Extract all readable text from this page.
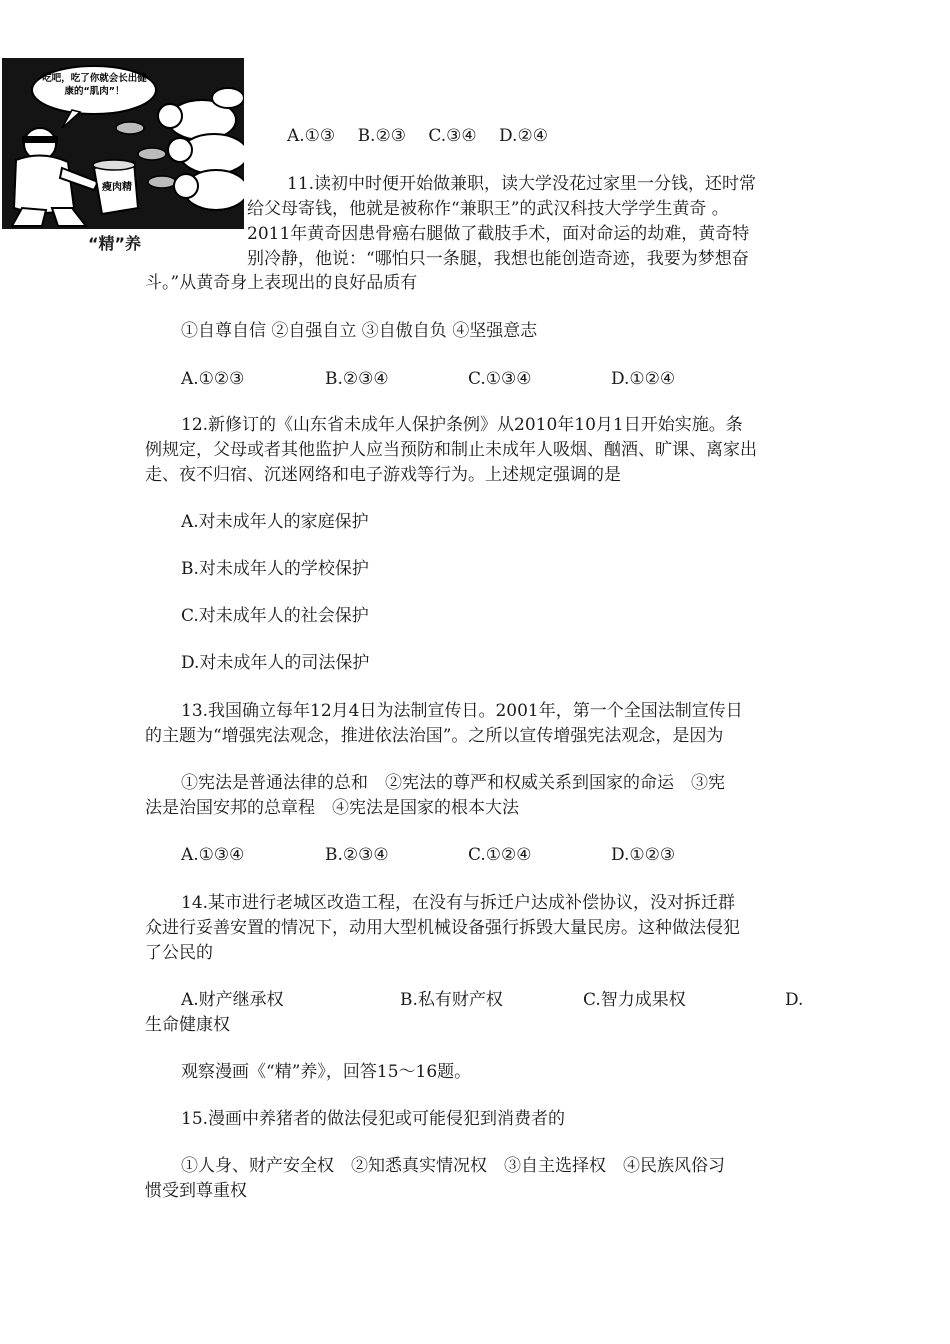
吃吧，吃了你就会长出健康的“肌肉”！
瘦肉精
“精”养
A.①③　 B.②③　 C.③④　 D.②④
11.读初中时便开始做兼职，读大学没花过家里一分钱，还时常
给父母寄钱，他就是被称作“兼职王”的武汉科技大学学生黄奇 。
2011年黄奇因患骨癌右腿做了截肢手术，面对命运的劫难，黄奇特
别冷静，他说：“哪怕只一条腿，我想也能创造奇迹，我要为梦想奋
斗。”从黄奇身上表现出的良好品质有
①自尊自信 ②自强自立 ③自傲自负 ④坚强意志
A.①②③	B.②③④	C.①③④	D.①②④
12.新修订的《山东省未成年人保护条例》从2010年10月1日开始实施。条
例规定，父母或者其他监护人应当预防和制止未成年人吸烟、酗酒、旷课、离家出
走、夜不归宿、沉迷网络和电子游戏等行为。上述规定强调的是
A.对未成年人的家庭保护
B.对未成年人的学校保护
C.对未成年人的社会保护
D.对未成年人的司法保护
13.我国确立每年12月4日为法制宣传日。2001年，第一个全国法制宣传日
的主题为“增强宪法观念，推进依法治国”。之所以宣传增强宪法观念，是因为
①宪法是普通法律的总和　②宪法的尊严和权威关系到国家的命运　③宪
法是治国安邦的总章程　④宪法是国家的根本大法
A.①③④	B.②③④	C.①②④	D.①②③
14.某市进行老城区改造工程，在没有与拆迁户达成补偿协议，没对拆迁群
众进行妥善安置的情况下，动用大型机械设备强行拆毁大量民房。这种做法侵犯
了公民的
A.财产继承权	B.私有财产权	C.智力成果权	D.
生命健康权
观察漫画《“精”养》，回答15～16题。
15.漫画中养猪者的做法侵犯或可能侵犯到消费者的
①人身、财产安全权　②知悉真实情况权　③自主选择权　④民族风俗习
惯受到尊重权
